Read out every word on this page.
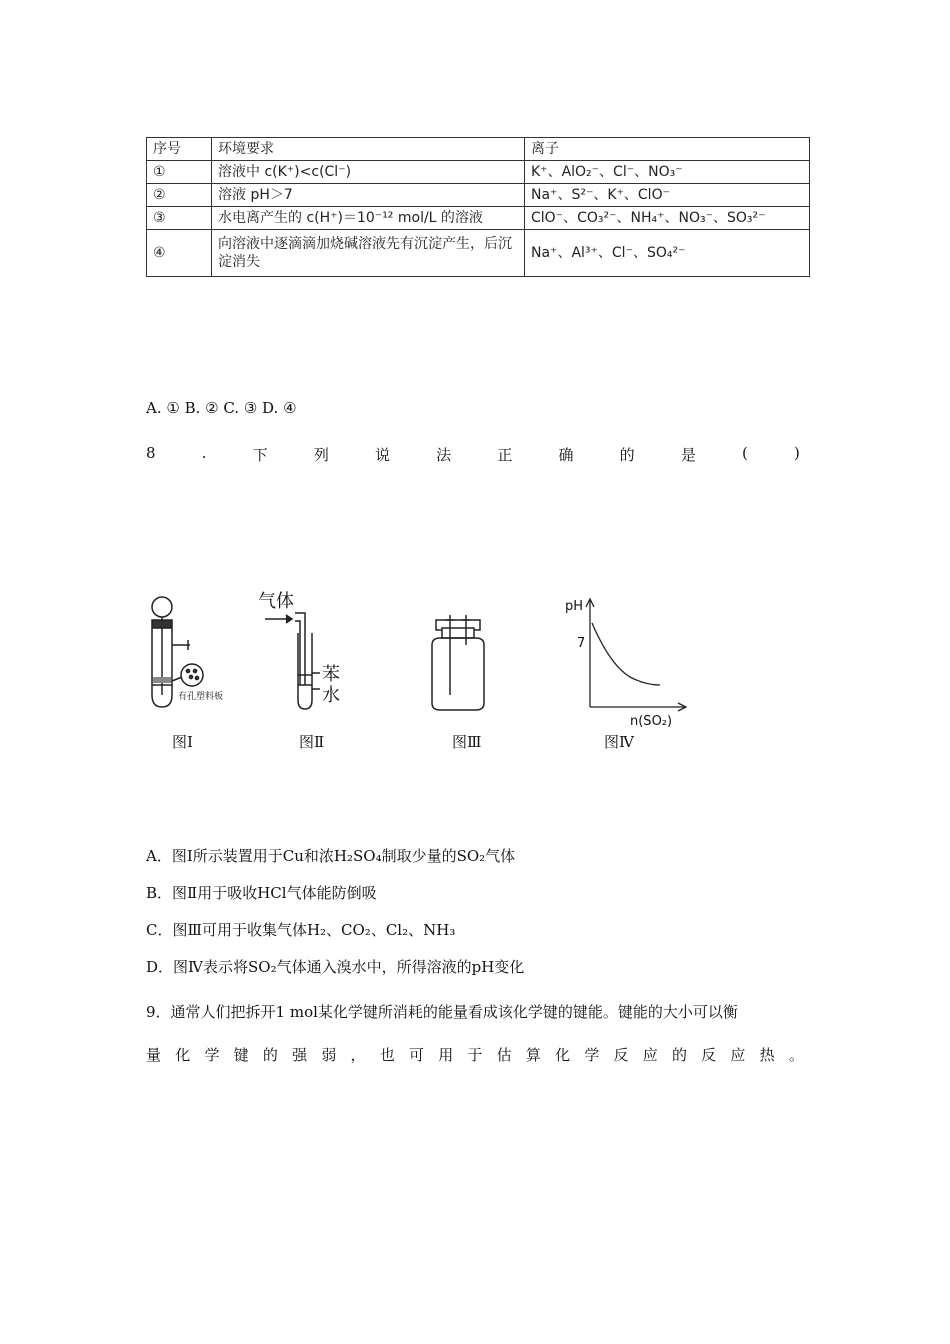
序号	环境要求	离子
①	溶液中 c(K⁺)<c(Cl⁻)	K⁺、AlO₂⁻、Cl⁻、NO₃⁻
②	溶液 pH＞7	Na⁺、S²⁻、K⁺、ClO⁻
③	水电离产生的 c(H⁺)＝10⁻¹² mol/L 的溶液	ClO⁻、CO₃²⁻、NH₄⁺、NO₃⁻、SO₃²⁻
④	向溶液中逐滴滴加烧碱溶液先有沉淀产生，后沉淀消失	Na⁺、Al³⁺、Cl⁻、SO₄²⁻
A. ① B. ② C. ③ D. ④
8	.	下	列	说	法	正	确	的	是	(	)
有孔塑料板
气体
苯
水
pH
7
n(SO₂)
图Ⅰ	图Ⅱ	图Ⅲ	图Ⅳ
A．图Ⅰ所示装置用于Cu和浓H₂SO₄制取少量的SO₂气体
B．图Ⅱ用于吸收HCl气体能防倒吸
C．图Ⅲ可用于收集气体H₂、CO₂、Cl₂、NH₃
D．图Ⅳ表示将SO₂气体通入溴水中，所得溶液的pH变化
9．通常人们把拆开1 mol某化学键所消耗的能量看成该化学键的键能。键能的大小可以衡
量 化 学 键 的 强 弱 ， 也 可 用 于 估 算 化 学 反 应 的 反 应 热 。
